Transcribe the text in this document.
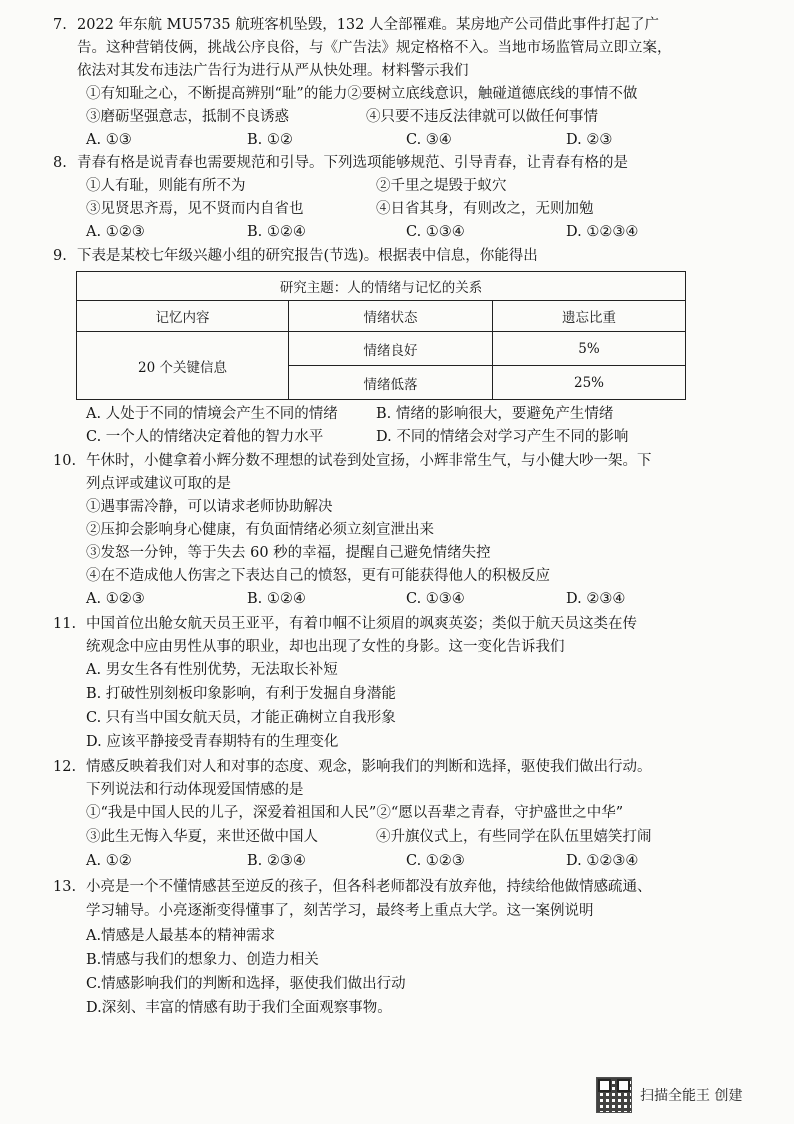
7. 2022 年东航 MU5735 航班客机坠毁，132 人全部罹难。某房地产公司借此事件打起了广
告。这种营销伎俩，挑战公序良俗，与《广告法》规定格格不入。当地市场监管局立即立案，
依法对其发布违法广告行为进行从严从快处理。材料警示我们
①有知耻之心，不断提高辨别“耻”的能力②要树立底线意识，触碰道德底线的事情不做
③磨砺坚强意志，抵制不良诱惑	④只要不违反法律就可以做任何事情
A. ①③	B. ①②	C. ③④	D. ②③
8. 青春有格是说青春也需要规范和引导。下列选项能够规范、引导青春，让青春有格的是
①人有耻，则能有所不为	②千里之堤毁于蚁穴
③见贤思齐焉，见不贤而内自省也	④日省其身，有则改之，无则加勉
A. ①②③	B. ①②④	C. ①③④	D. ①②③④
9. 下表是某校七年级兴趣小组的研究报告(节选)。根据表中信息，你能得出
研究主题：人的情绪与记忆的关系		
记忆内容	情绪状态	遗忘比重
20 个关键信息	情绪良好	5%
	情绪低落	25%
A. 人处于不同的情境会产生不同的情绪	B. 情绪的影响很大，要避免产生情绪
C. 一个人的情绪决定着他的智力水平	D. 不同的情绪会对学习产生不同的影响
10. 午休时，小健拿着小辉分数不理想的试卷到处宣扬，小辉非常生气，与小健大吵一架。下
列点评或建议可取的是
①遇事需冷静，可以请求老师协助解决
②压抑会影响身心健康，有负面情绪必须立刻宣泄出来
③发怒一分钟，等于失去 60 秒的幸福，提醒自己避免情绪失控
④在不造成他人伤害之下表达自己的愤怒，更有可能获得他人的积极反应
A. ①②③	B. ①②④	C. ①③④	D. ②③④
11. 中国首位出舱女航天员王亚平，有着巾帼不让须眉的飒爽英姿；类似于航天员这类在传
统观念中应由男性从事的职业，却也出现了女性的身影。这一变化告诉我们
A. 男女生各有性别优势，无法取长补短
B. 打破性别刻板印象影响，有利于发掘自身潜能
C. 只有当中国女航天员，才能正确树立自我形象
D. 应该平静接受青春期特有的生理变化
12. 情感反映着我们对人和对事的态度、观念，影响我们的判断和选择，驱使我们做出行动。
下列说法和行动体现爱国情感的是
①“我是中国人民的儿子，深爱着祖国和人民”②“愿以吾辈之青春，守护盛世之中华”
③此生无悔入华夏，来世还做中国人	④升旗仪式上，有些同学在队伍里嬉笑打闹
A. ①②	B. ②③④	C. ①②③	D. ①②③④
13. 小亮是一个不懂情感甚至逆反的孩子，但各科老师都没有放弃他，持续给他做情感疏通、
学习辅导。小亮逐渐变得懂事了，刻苦学习，最终考上重点大学。这一案例说明
A.情感是人最基本的精神需求
B.情感与我们的想象力、创造力相关
C.情感影响我们的判断和选择，驱使我们做出行动
D.深刻、丰富的情感有助于我们全面观察事物。
扫描全能王 创建
